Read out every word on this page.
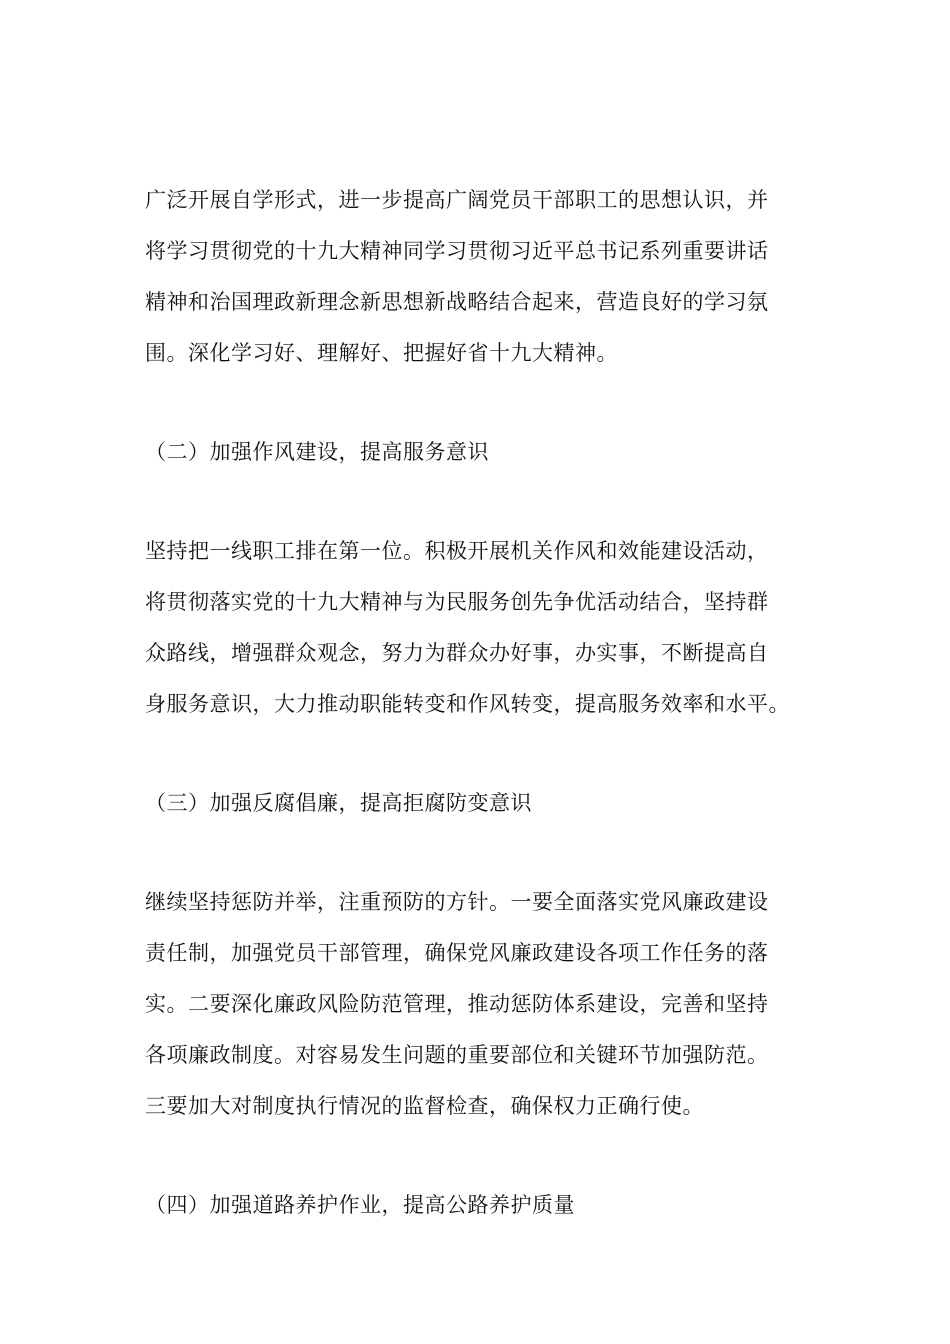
广泛开展自学形式，进一步提高广阔党员干部职工的思想认识，并
将学习贯彻党的十九大精神同学习贯彻习近平总书记系列重要讲话
精神和治国理政新理念新思想新战略结合起来，营造良好的学习氛
围。深化学习好、理解好、把握好省十九大精神。

（二）加强作风建设，提高服务意识

坚持把一线职工排在第一位。积极开展机关作风和效能建设活动，
将贯彻落实党的十九大精神与为民服务创先争优活动结合，坚持群
众路线，增强群众观念，努力为群众办好事，办实事，不断提高自
身服务意识，大力推动职能转变和作风转变，提高服务效率和水平。

（三）加强反腐倡廉，提高拒腐防变意识

继续坚持惩防并举，注重预防的方针。一要全面落实党风廉政建设
责任制，加强党员干部管理，确保党风廉政建设各项工作任务的落
实。二要深化廉政风险防范管理，推动惩防体系建设，完善和坚持
各项廉政制度。对容易发生问题的重要部位和关键环节加强防范。
三要加大对制度执行情况的监督检查，确保权力正确行使。

（四）加强道路养护作业，提高公路养护质量
